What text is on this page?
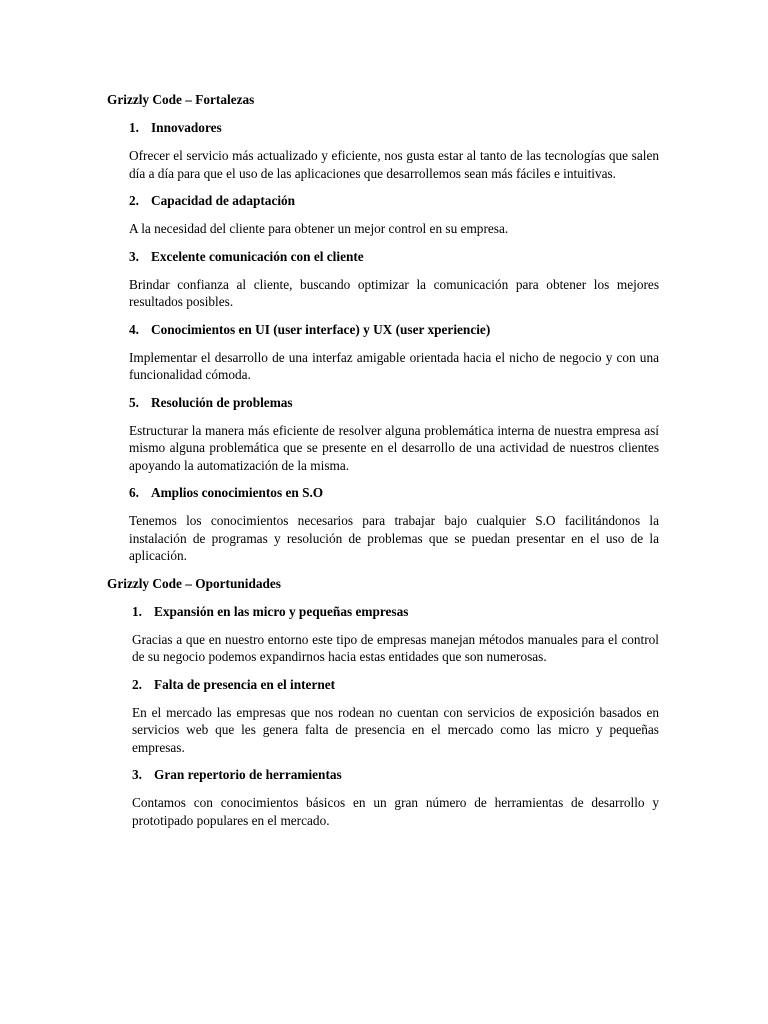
Grizzly Code – Fortalezas
1. Innovadores

Ofrecer el servicio más actualizado y eficiente, nos gusta estar al tanto de las tecnologías que salen día a día para que el uso de las aplicaciones que desarrollemos sean más fáciles e intuitivas.

2. Capacidad de adaptación

A la necesidad del cliente para obtener un mejor control en su empresa.

3. Excelente comunicación con el cliente

Brindar confianza al cliente, buscando optimizar la comunicación para obtener los mejores resultados posibles.

4. Conocimientos en UI (user interface) y UX (user xperiencie)

Implementar el desarrollo de una interfaz amigable orientada hacia el nicho de negocio y con una funcionalidad cómoda.

5. Resolución de problemas

Estructurar la manera más eficiente de resolver alguna problemática interna de nuestra empresa así mismo alguna problemática que se presente en el desarrollo de una actividad de nuestros clientes apoyando la automatización de la misma.

6. Amplios conocimientos en S.O

Tenemos los conocimientos necesarios para trabajar bajo cualquier S.O facilitándonos la instalación de programas y resolución de problemas que se puedan presentar en el uso de la aplicación.

Grizzly Code – Oportunidades
1. Expansión en las micro y pequeñas empresas

Gracias a que en nuestro entorno este tipo de empresas manejan métodos manuales para el control de su negocio podemos expandirnos hacia estas entidades que son numerosas.

2. Falta de presencia en el internet

En el mercado las empresas que nos rodean no cuentan con servicios de exposición basados en servicios web que les genera falta de presencia en el mercado como las micro y pequeñas empresas.

3. Gran repertorio de herramientas

Contamos con conocimientos básicos en un gran número de herramientas de desarrollo y prototipado populares en el mercado.
